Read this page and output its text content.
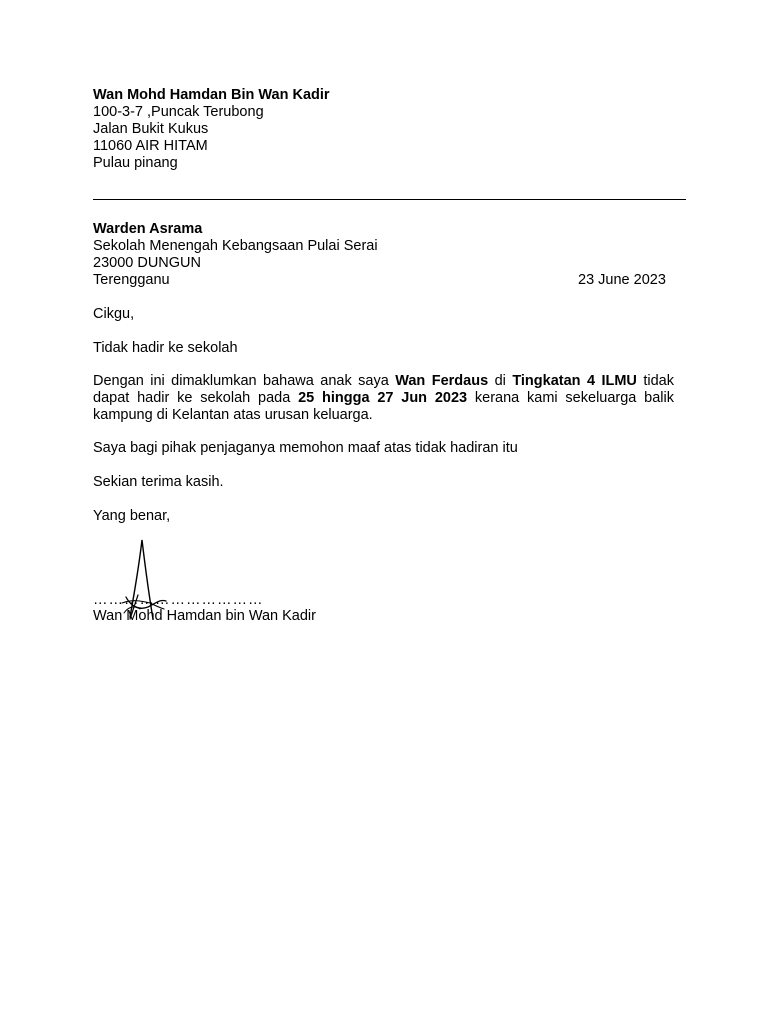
Wan Mohd Hamdan Bin Wan Kadir
100-3-7 ,Puncak Terubong
Jalan Bukit Kukus
11060 AIR HITAM
Pulau pinang
Warden Asrama
Sekolah Menengah Kebangsaan Pulai Serai
23000 DUNGUN
Terengganu	23 June 2023
Cikgu,
Tidak hadir ke sekolah
Dengan ini dimaklumkan bahawa anak saya Wan Ferdaus di Tingkatan 4 ILMU tidak dapat hadir ke sekolah pada 25 hingga 27 Jun 2023 kerana kami sekeluarga balik kampung di Kelantan atas urusan keluarga.
Saya bagi pihak penjaganya memohon maaf atas tidak hadiran itu
Sekian terima kasih.
Yang benar,
……………………………
Wan Mohd Hamdan bin Wan Kadir
